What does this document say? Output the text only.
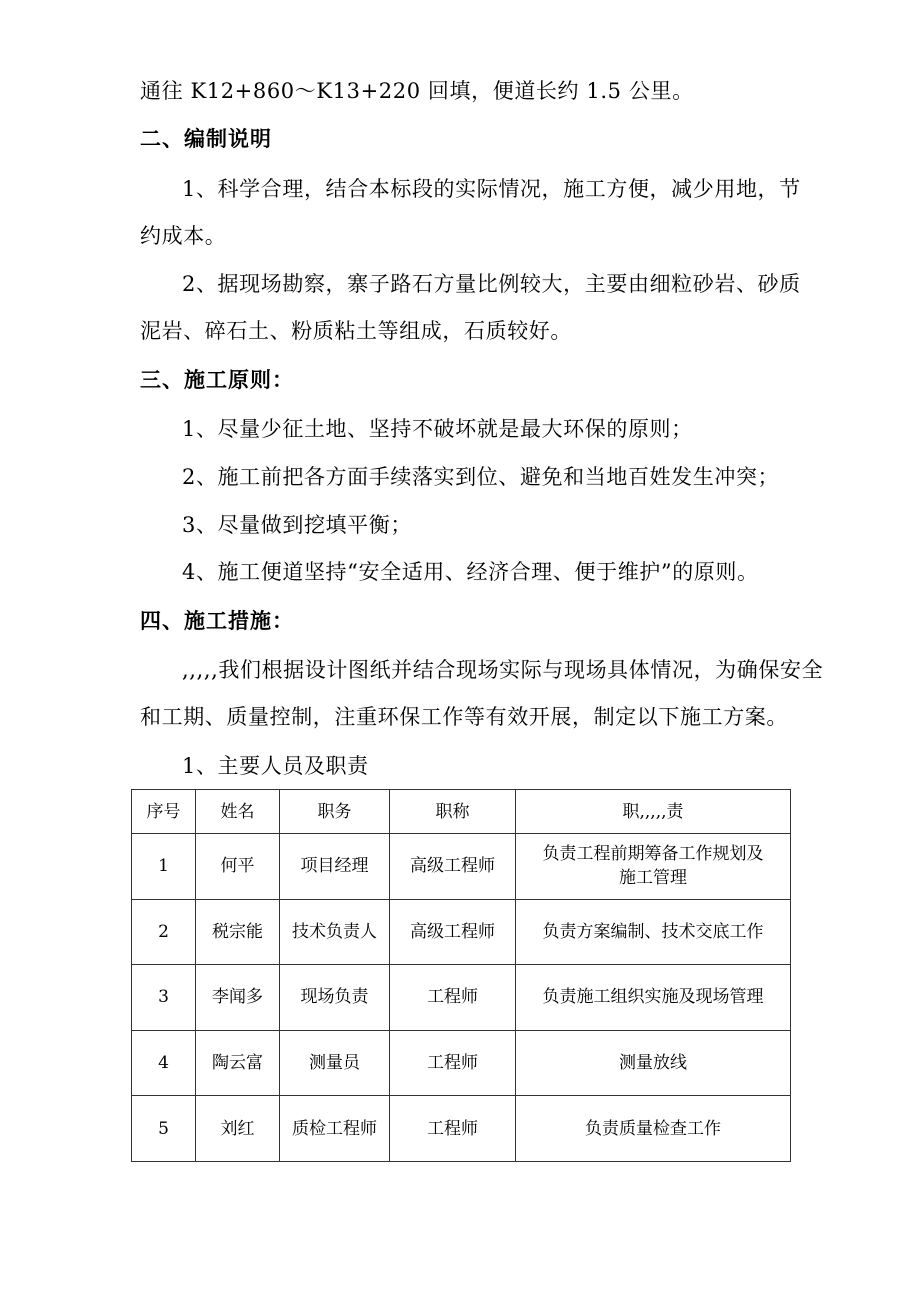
通往 K12+860～K13+220 回填，便道长约 1.5 公里。
二、编制说明
1、科学合理，结合本标段的实际情况，施工方便，减少用地，节
约成本。
2、据现场勘察，寨子路石方量比例较大，主要由细粒砂岩、砂质
泥岩、碎石土、粉质粘土等组成，石质较好。
三、施工原则：
1、尽量少征土地、坚持不破坏就是最大环保的原则；
2、施工前把各方面手续落实到位、避免和当地百姓发生冲突；
3、尽量做到挖填平衡；
4、施工便道坚持“安全适用、经济合理、便于维护”的原则。
四、施工措施：
,,,,,我们根据设计图纸并结合现场实际与现场具体情况，为确保安全
和工期、质量控制，注重环保工作等有效开展，制定以下施工方案。
1、主要人员及职责
序号	姓名	职务	职称	职,,,,,责
1	何平	项目经理	高级工程师	负责工程前期筹备工作规划及施工管理
2	税宗能	技术负责人	高级工程师	负责方案编制、技术交底工作
3	李闻多	现场负责	工程师	负责施工组织实施及现场管理
4	陶云富	测量员	工程师	测量放线
5	刘红	质检工程师	工程师	负责质量检查工作
